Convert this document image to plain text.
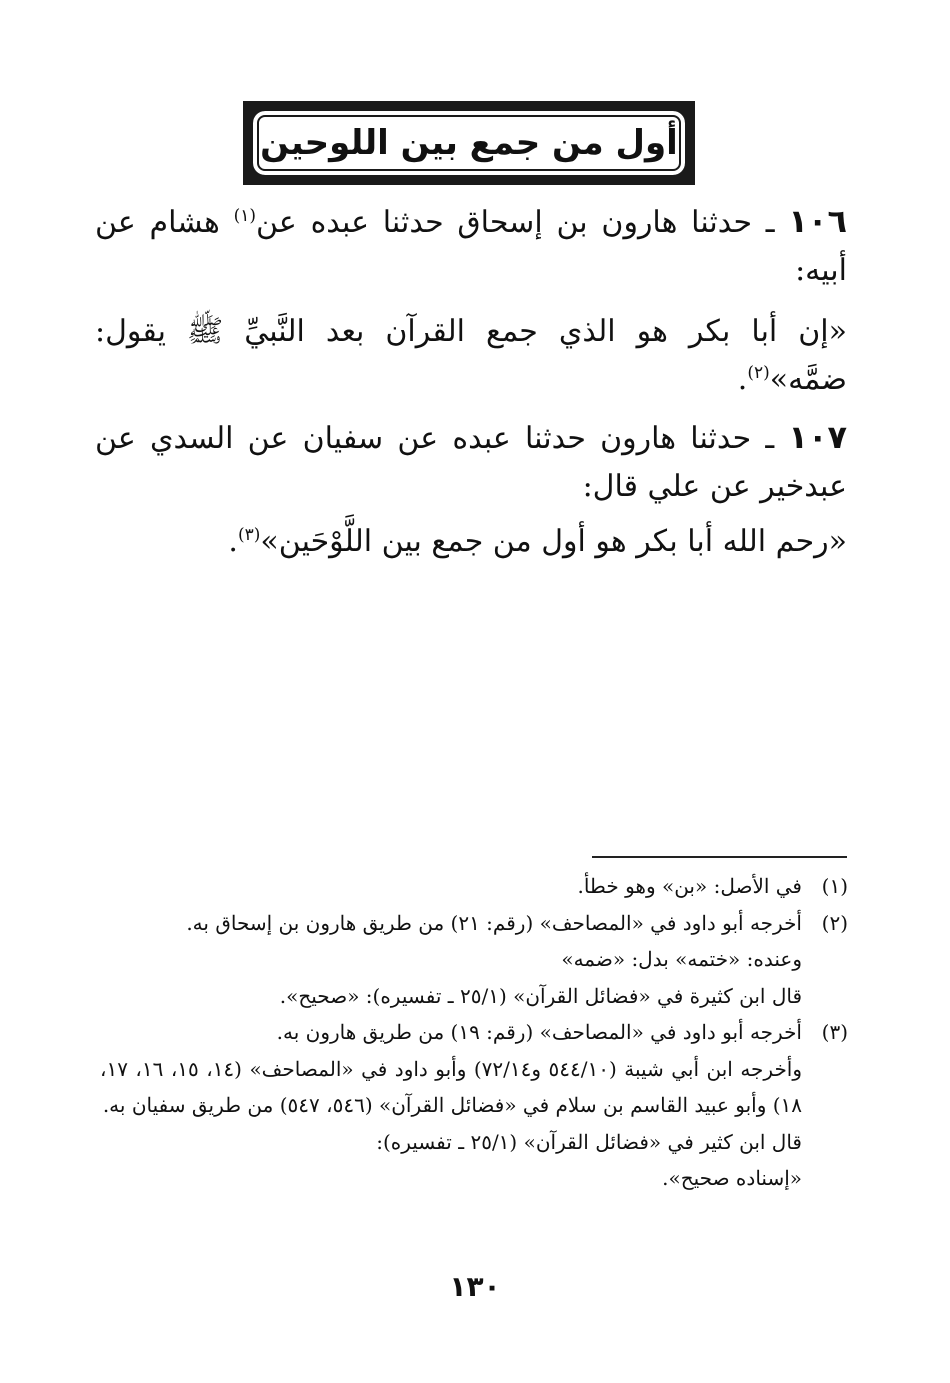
أول من جمع بين اللوحين
١٠٦ ـ حدثنا هارون بن إسحاق حدثنا عبده عن$^{(١)}$ هشام عن أبيه:
«إن أبا بكر هو الذي جمع القرآن بعد النَّبيِّ ﷺ يقول: ضمَّه»$^{(٢)}$.
١٠٧ ـ حدثنا هارون حدثنا عبده عن سفيان عن السدي عن عبدخير عن علي قال:
«رحم الله أبا بكر هو أول من جمع بين اللَّوْحَين»$^{(٣)}$.
(١)
في الأصل: «بن» وهو خطأ.
(٢)
أخرجه أبو داود في «المصاحف» (رقم: ٢١) من طريق هارون بن إسحاق به.
وعنده: «ختمه» بدل: «ضمه»
قال ابن كثيرة في «فضائل القرآن» (٢٥/١ ـ تفسيره): «صحيح».
(٣)
أخرجه أبو داود في «المصاحف» (رقم: ١٩) من طريق هارون به.
وأخرجه ابن أبي شيبة (٥٤٤/١٠ و٧٢/١٤) وأبو داود في «المصاحف» (١٤، ١٥، ١٦، ١٧، ١٨) وأبو عبيد القاسم بن سلام في «فضائل القرآن» (٥٤٦، ٥٤٧) من طريق سفيان به.
قال ابن كثير في «فضائل القرآن» (٢٥/١ ـ تفسيره):
«إسناده صحيح».
١٣٠
